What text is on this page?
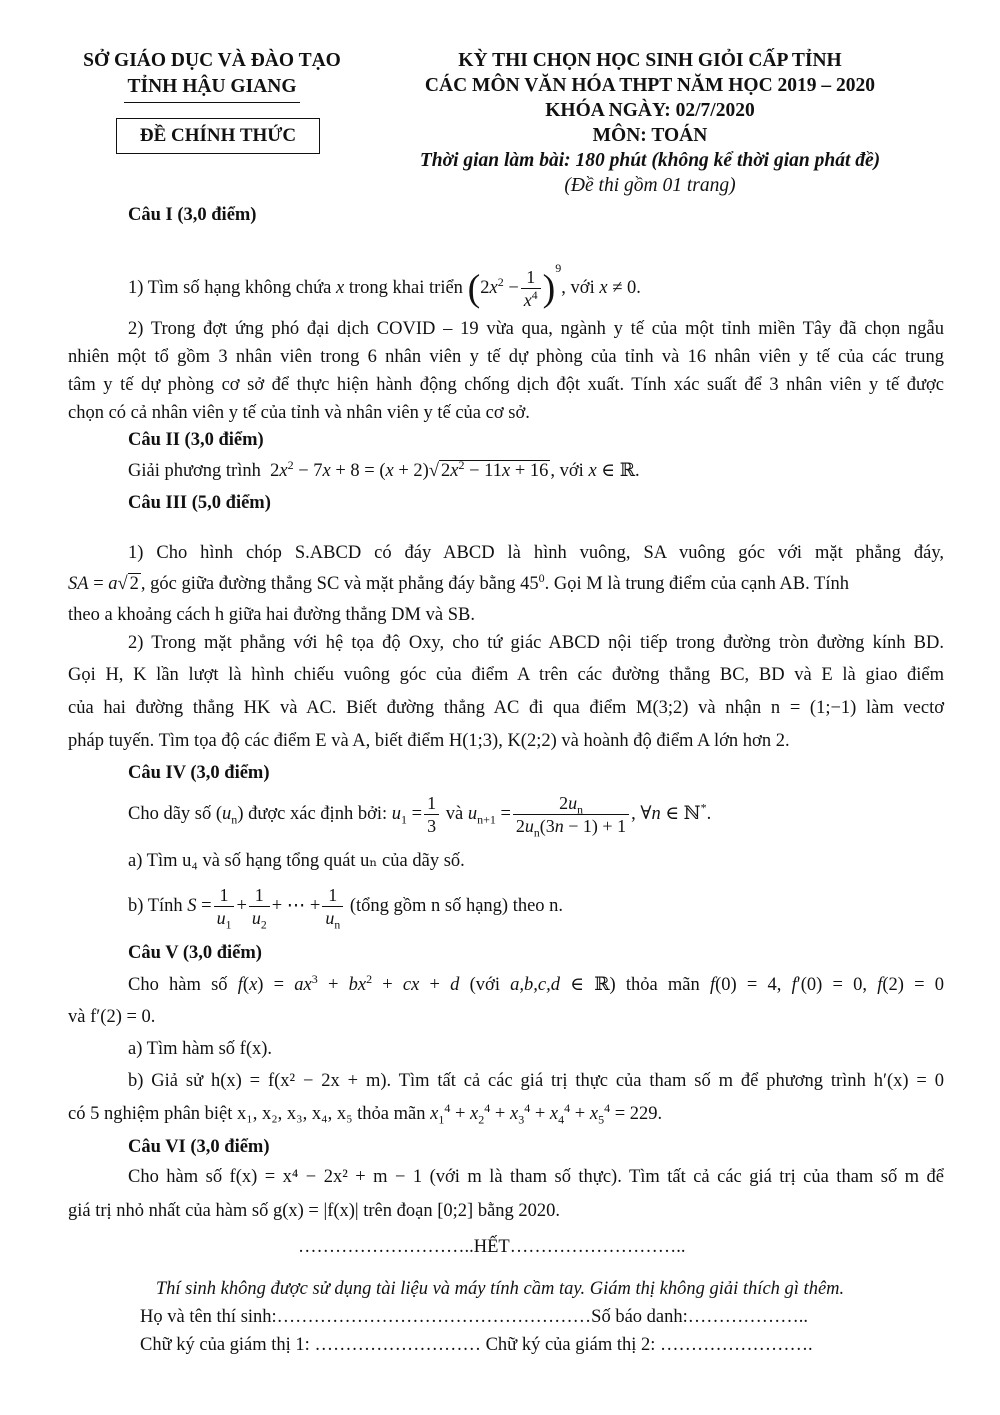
SỞ GIÁO DỤC VÀ ĐÀO TẠO
TỈNH HẬU GIANG
ĐỀ CHÍNH THỨC
KỲ THI CHỌN HỌC SINH GIỎI CẤP TỈNH
CÁC MÔN VĂN HÓA THPT NĂM HỌC 2019 – 2020
KHÓA NGÀY: 02/7/2020
MÔN: TOÁN
Thời gian làm bài: 180 phút (không kể thời gian phát đề)
(Đề thi gồm 01 trang)
Câu I (3,0 điểm)
1) Tìm số hạng không chứa x trong khai triển $(2x^2 - \frac{1}{x^4} )^9$, với x ≠ 0.
2) Trong đợt ứng phó đại dịch COVID – 19 vừa qua, ngành y tế của một tỉnh miền Tây đã chọn ngẫu
nhiên một tổ gồm 3 nhân viên trong 6 nhân viên y tế dự phòng của tỉnh và 16 nhân viên y tế của các trung
tâm y tế dự phòng cơ sở để thực hiện hành động chống dịch đột xuất. Tính xác suất để 3 nhân viên y tế được
chọn có cả nhân viên y tế của tỉnh và nhân viên y tế của cơ sở.
Câu II (3,0 điểm)
Giải phương trình  $2x^2 - 7x + 8 = (x + 2)√$ $2x^2 - 11x + 16$ , với x ∈ ℝ.
Câu III (5,0 điểm)
1) Cho hình chóp S.ABCD có đáy ABCD là hình vuông, SA vuông góc với mặt phẳng đáy,
SA = a√ 2 , góc giữa đường thẳng SC và mặt phẳng đáy bằng $45^0$. Gọi M là trung điểm của cạnh AB. Tính
theo a khoảng cách h giữa hai đường thẳng DM và SB.
2) Trong mặt phẳng với hệ tọa độ Oxy, cho tứ giác ABCD nội tiếp trong đường tròn đường kính BD.
Gọi H, K lần lượt là hình chiếu vuông góc của điểm A trên các đường thẳng BC, BD và E là giao điểm
của hai đường thẳng HK và AC. Biết đường thẳng AC đi qua điểm M(3;2) và nhận n = (1;−1) làm vectơ
pháp tuyến. Tìm tọa độ các điểm E và A, biết điểm H(1;3), K(2;2) và hoành độ điểm A lớn hơn 2.
Câu IV (3,0 điểm)
Cho dãy số $(u_n)$ được xác định bởi: $u_1 = \frac{1}{3}$ và $u_{n+1} = \frac{2u_n}{2u_n(3n - 1) + 1}$ , ∀n ∈ ℕ*.
a) Tìm u₄ và số hạng tổng quát uₙ của dãy số.
b) Tính $S = \frac{1}{u_1} + \frac{1}{u_2}$ + ⋯ + $\frac{1}{u_n}$ (tổng gồm n số hạng) theo n.
Câu V (3,0 điểm)
Cho hàm số $f(x) = ax^3 + bx^2$ + cx + d (với a,b,c,d ∈ ℝ) thỏa mãn f(0) = 4, f′(0) = 0, f(2) = 0
và f′(2) = 0.
a) Tìm hàm số f(x).
b) Giả sử h(x) = f(x² − 2x + m). Tìm tất cả các giá trị thực của tham số m để phương trình h′(x) = 0
có 5 nghiệm phân biệt x₁, x₂, x₃, x₄, x₅ thỏa mãn $x_1^4 + x_2^4 + x_3^4 + x_4^4 + x_5^4 = 229$.
Câu VI (3,0 điểm)
Cho hàm số f(x) = x⁴ − 2x² + m − 1 (với m là tham số thực). Tìm tất cả các giá trị của tham số m để
giá trị nhỏ nhất của hàm số g(x) = |f(x)| trên đoạn [0;2] bằng 2020.
………………………..HẾT………………………..
Thí sinh không được sử dụng tài liệu và máy tính cầm tay. Giám thị không giải thích gì thêm.
Họ và tên thí sinh:……………………………………………Số báo danh:………………..
Chữ ký của giám thị 1: ……………………… Chữ ký của giám thị 2: …………………….
